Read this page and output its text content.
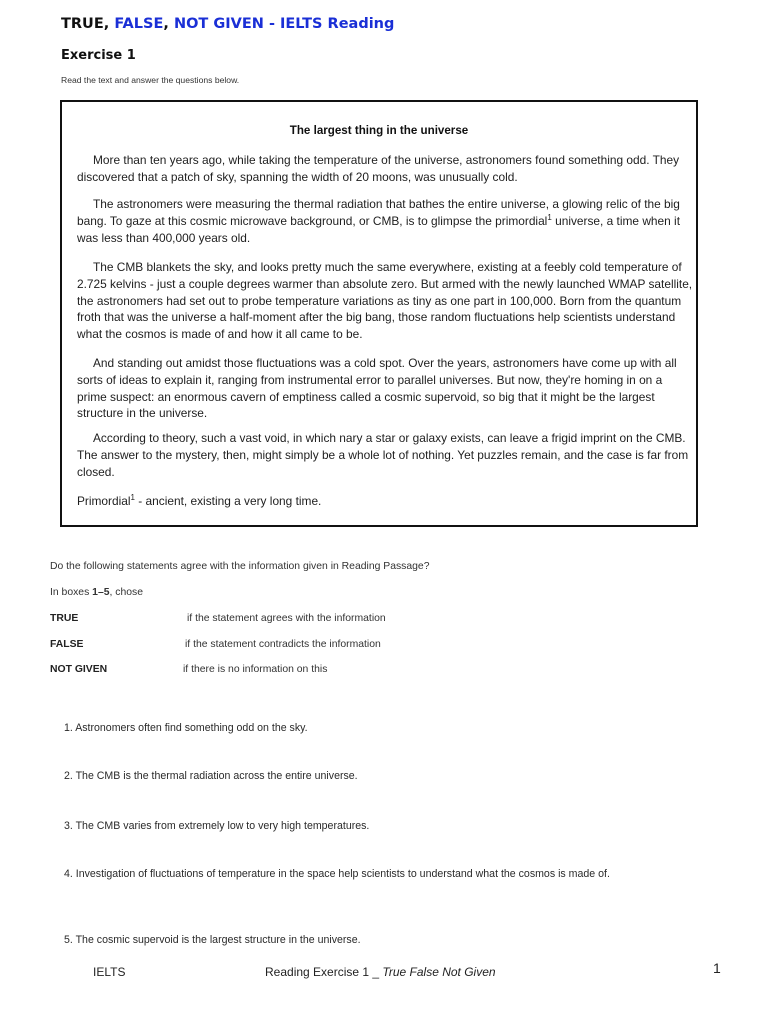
TRUE, FALSE, NOT GIVEN - IELTS Reading
Exercise 1
Read the text and answer the questions below.
The largest thing in the universe

More than ten years ago, while taking the temperature of the universe, astronomers found something odd. They discovered that a patch of sky, spanning the width of 20 moons, was unusually cold.

The astronomers were measuring the thermal radiation that bathes the entire universe, a glowing relic of the big bang. To gaze at this cosmic microwave background, or CMB, is to glimpse the primordial$^1$ universe, a time when it was less than 400,000 years old.

The CMB blankets the sky, and looks pretty much the same everywhere, existing at a feebly cold temperature of 2.725 kelvins - just a couple degrees warmer than absolute zero. But armed with the newly launched WMAP satellite, the astronomers had set out to probe temperature variations as tiny as one part in 100,000. Born from the quantum froth that was the universe a half-moment after the big bang, those random fluctuations help scientists understand what the cosmos is made of and how it all came to be.

And standing out amidst those fluctuations was a cold spot. Over the years, astronomers have come up with all sorts of ideas to explain it, ranging from instrumental error to parallel universes. But now, they're homing in on a prime suspect: an enormous cavern of emptiness called a cosmic supervoid, so big that it might be the largest structure in the universe.

According to theory, such a vast void, in which nary a star or galaxy exists, can leave a frigid imprint on the CMB. The answer to the mystery, then, might simply be a whole lot of nothing. Yet puzzles remain, and the case is far from closed.

Primordial$^1$ - ancient, existing a very long time.
Do the following statements agree with the information given in Reading Passage?
In boxes 1–5, chose
TRUE	if the statement agrees with the information
FALSE	if the statement contradicts the information
NOT GIVEN	if there is no information on this
1. Astronomers often find something odd on the sky.
2. The CMB is the thermal radiation across the entire universe.
3. The CMB varies from extremely low to very high temperatures.
4. Investigation of fluctuations of temperature in the space help scientists to understand what the cosmos is made of.
5. The cosmic supervoid is the largest structure in the universe.
IELTS	Reading Exercise 1 _ True False Not Given	1
